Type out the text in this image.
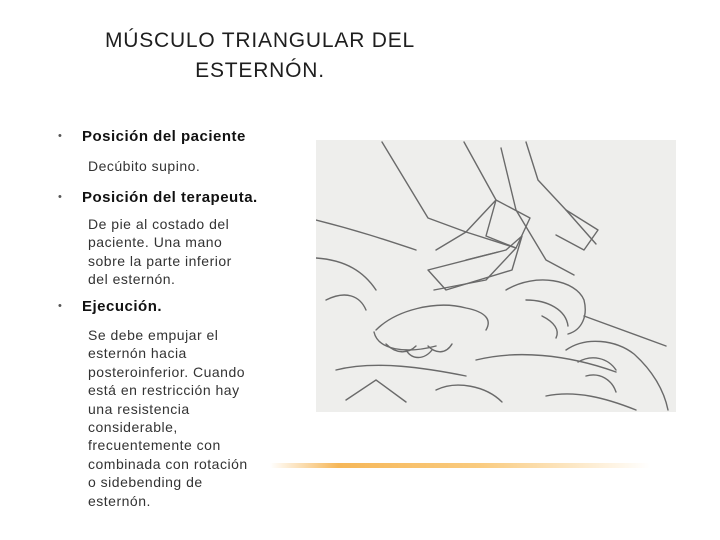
MÚSCULO TRIANGULAR DEL
ESTERNÓN.
• Posición del paciente
Decúbito supino.
• Posición del terapeuta.
De pie al costado del
paciente. Una mano
sobre la parte inferior
del esternón.
• Ejecución.
Se debe empujar el
esternón hacia
posteroinferior. Cuando
está en restricción hay
una resistencia
considerable,
frecuentemente con
combinada con rotación
o sidebending de
esternón.
